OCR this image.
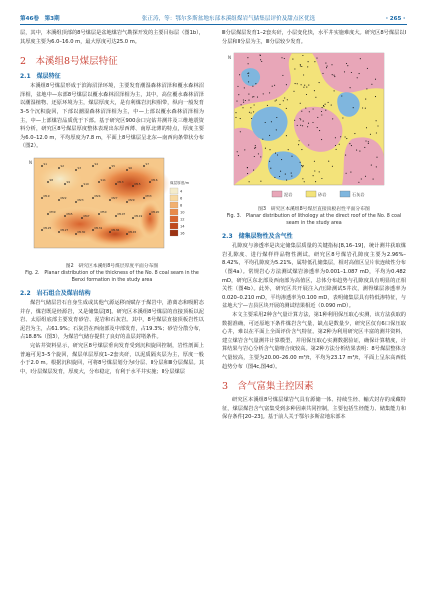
第46卷　第3期	张正涛，等：鄂尔多斯盆地东部本溪组煤岩气储集层评价及甜点区优选	・265・

层，其中，本溪组顶部的8号煤层是盆地煤岩气勘探开发的主要目标层（图1b），其厚度主要为6.0–16.0 m，最大厚度可达25.0 m。

2　本溪组8号煤层特征
2.1　煤层特征

本溪组8号煤层形成于滨海沼泽环境，主要发育潮湿森林沼泽和覆水森林沼泽相，盆地中—东部8号煤层以覆水森林沼泽相为主，其中，高位覆水森林沼泽以潮湿植物、还原环境为主，煤层厚度大，是有利煤岩沉积相带，纵向一般发育3–5个沉积旋回，下部以潮湿森林沼泽相为主，中—上部以覆水森林沼泽相为主，中—上部煤岩品质优于下部。基于研究区900余口完钻井测井及三维地震资料分析，研究区8号煤层厚度整体表现出东厚西薄、南厚北薄的特点，厚度主要为6.0–12.0 m，平均厚度为7.8 m，平面上8号煤层呈北东—南西向条带状分布（图2）。

N	S1	S2	S3
S4	S5	S6
S7
S8	S9	S10
S11	M13	M15
M16
M19	M22	M23
M24	M27	M29
M33
M39	M45	M47
M50	M107	M119
M120
M125	M127	M130
M131	M136	M145
煤层厚度/m
4
6
8
10
12
14
16
图2　研究区本溪组8号煤层厚度平面分布图
Fig. 2.　Planar distribution of the thickness of the No. 8 coal seam in the Benxi formation in the study area
2.2　岩石组合及煤岩结构

煤岩气储层岩石自身生成或其他气源运移而赋存于煤岩中，游离态和吸附态并存，煤岩既是烃源岩，又是储集层[8]。研究区本溪组8号煤层的直接顶板以泥岩、太原组底部主要发育砂岩、泥岩和石灰岩。其中，8号煤层直接顶板岩性以泥岩为主，占61.9%；石灰岩在西南部及中部发育，占19.3%；砂岩分散分布，占18.8%（图3），为煤岩气储存提供了良好的盖层封堵条件。

完钻井资料显示，研究区8号煤层垂向发育受到沉积旋回控制，岩性剖面上普遍可见3–5个旋回，煤层单层厚度1–2套夹矸，以泥质隔夹层为主，厚度一般小于2.0 m。根据沉积旋回，可将8号煤层划分为Ⅰ分层、Ⅱ分层和Ⅲ分层煤层。其中，Ⅰ分层煤层发育，厚度大，分布稳定，有利于水平井实施；Ⅱ分层煤层

Ⅲ分层煤层发育1–2套夹矸，小层变化快，水平井实施难度大。研究区8号煤层以Ⅰ分层和Ⅱ分层为主，Ⅲ分层较少发育。

N
泥岩	砂岩	石灰岩
图3　研究区本溪组8号煤层直接顶板岩性平面分布图
Fig. 3.　Planar distribution of lithology at the direct roof of the No. 8 coal seam in the study area
2.3　储集层物性及含气性

孔隙度与渗透率是决定储集层质量的关键指标[8,16–19]，统计测井获取煤岩孔隙度、进行煤样样品物性测试。研究区8号煤岩孔隙度主要为2.96%–8.42%，平均孔隙度为5.21%，属特低孔储集层，相对高值区呈片状连续性分布（图4a）。常规岩心方法测试煤岩渗透率为0.001–1.087 mD，平均为0.482 mD，研究区东北部及西南部为高值区，总体分布趋势与孔隙度具有明显的正相关性（图4b）。此外，研究区共开展注入/压降测试5井次，测得煤层渗透率为0.020–0.210 mD，平均渗透率为0.100 mD，表明储集层具有特低渗特征，与盆地大宁—吉县区块开展的测试结果相近（0.090 mD）。

本文主要采用2种含气量计算方法，第1种利用保压取心实测，该方法获取的数据准确，可还原地下条件煤岩含气量，缺点是数量少，研究区仅有6口保压取心井，难以在平面上全面评价含气特征。第2种为利用研究区丰富的测井资料，建立煤岩含气量测井计算模型，并用保压取心实测数据验证，确保计算精度，计算结果与岩心分析含气量吻合度较高。第2种方法分析结果表明：8号煤层整体含气量较高，主要为20.00–26.00 m³/t，平均为23.17 m³/t，平面上呈东高西低趋势分布（图4c,图4d）。

3　含气富集主控因素

研究区本溪组8号煤层煤岩气具有源储一体、持续生烃、輸式封存的成藏特征，煤层煤岩含气富集受到多种因素共同控制，主要包括生烃能力、储集能力和保存条件[20–23]。基于前人关于鄂尔多斯盆地东部本
